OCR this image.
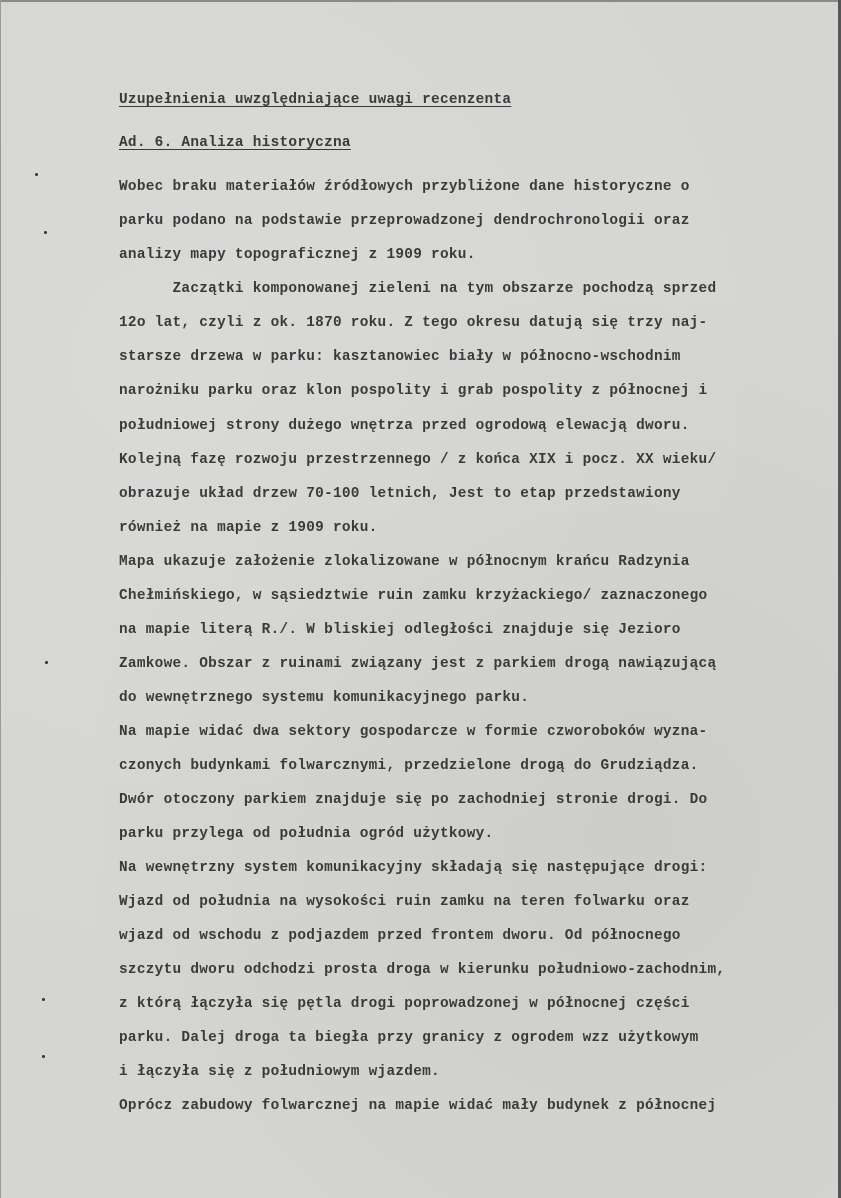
Uzupełnienia uwzględniające uwagi recenzenta
Ad. 6. Analiza historyczna
Wobec braku materiałów źródłowych przybliżone dane historyczne o
parku podano na podstawie przeprowadzonej dendrochronologii oraz
analizy mapy topograficznej z 1909 roku.
Zaczątki komponowanej zieleni na tym obszarze pochodzą sprzed
12o lat, czyli z ok. 1870 roku. Z tego okresu datują się trzy naj-
starsze drzewa w parku: kasztanowiec biały w północno-wschodnim
narożniku parku oraz klon pospolity i grab pospolity z północnej i
południowej strony dużego wnętrza przed ogrodową elewacją dworu.
Kolejną fazę rozwoju przestrzennego / z końca XIX i pocz. XX wieku/
obrazuje układ drzew 70-100 letnich, Jest to etap przedstawiony
również na mapie z 1909 roku.
Mapa ukazuje założenie zlokalizowane w północnym krańcu Radzynia
Chełmińskiego, w sąsiedztwie ruin zamku krzyżackiego/ zaznaczonego
na mapie literą R./. W bliskiej odległości znajduje się Jezioro
Zamkowe. Obszar z ruinami związany jest z parkiem drogą nawiązującą
do wewnętrznego systemu komunikacyjnego parku.
Na mapie widać dwa sektory gospodarcze w formie czworoboków wyzna-
czonych budynkami folwarcznymi, przedzielone drogą do Grudziądza.
Dwór otoczony parkiem znajduje się po zachodniej stronie drogi. Do
parku przylega od południa ogród użytkowy.
Na wewnętrzny system komunikacyjny składają się następujące drogi:
Wjazd od południa na wysokości ruin zamku na teren folwarku oraz
wjazd od wschodu z podjazdem przed frontem dworu. Od północnego
szczytu dworu odchodzi prosta droga w kierunku południowo-zachodnim,
z którą łączyła się pętla drogi poprowadzonej w północnej części
parku. Dalej droga ta biegła przy granicy z ogrodem wzz użytkowym
i łączyła się z południowym wjazdem.
Oprócz zabudowy folwarcznej na mapie widać mały budynek z północnej
